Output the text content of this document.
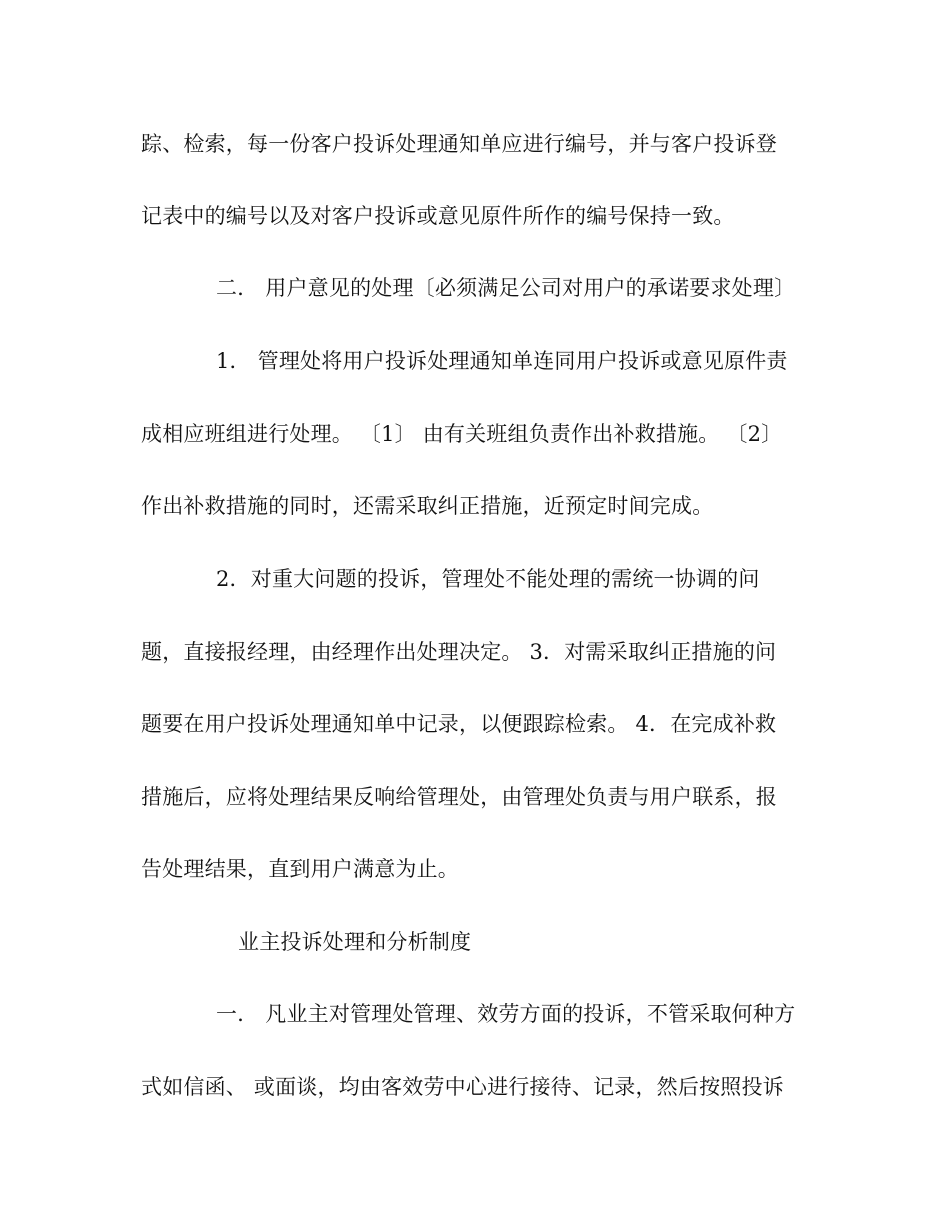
踪、检索，每一份客户投诉处理通知单应进行编号，并与客户投诉登
记表中的编号以及对客户投诉或意见原件所作的编号保持一致。
二． 用户意见的处理〔必须满足公司对用户的承诺要求处理〕
1． 管理处将用户投诉处理通知单连同用户投诉或意见原件责
成相应班组进行处理。 〔1〕 由有关班组负责作出补救措施。 〔2〕
作出补救措施的同时，还需采取纠正措施，近预定时间完成。
2．对重大问题的投诉，管理处不能处理的需统一协调的问
题，直接报经理，由经理作出处理决定。 3．对需采取纠正措施的问
题要在用户投诉处理通知单中记录，以便跟踪检索。 4．在完成补救
措施后，应将处理结果反响给管理处，由管理处负责与用户联系，报
告处理结果，直到用户满意为止。
业主投诉处理和分析制度
一． 凡业主对管理处管理、效劳方面的投诉，不管采取何种方
式如信函、 或面谈，均由客效劳中心进行接待、记录，然后按照投诉
